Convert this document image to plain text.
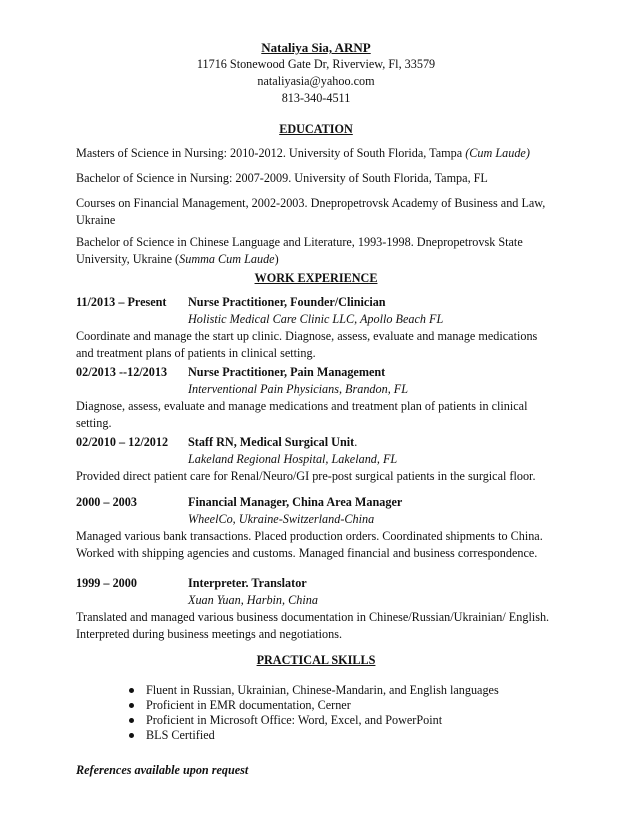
Nataliya Sia, ARNP
11716 Stonewood Gate Dr, Riverview, Fl, 33579
nataliyasia@yahoo.com
813-340-4511
EDUCATION
Masters of Science in Nursing: 2010-2012. University of South Florida, Tampa (Cum Laude)
Bachelor of Science in Nursing: 2007-2009. University of South Florida, Tampa, FL
Courses on Financial Management, 2002-2003. Dnepropetrovsk Academy of Business and Law, Ukraine
Bachelor of Science in Chinese Language and Literature, 1993-1998. Dnepropetrovsk State University, Ukraine (Summa Cum Laude)
WORK EXPERIENCE
11/2013 – Present	Nurse Practitioner, Founder/Clinician
Holistic Medical Care Clinic LLC, Apollo Beach FL
Coordinate and manage the start up clinic. Diagnose, assess, evaluate and manage medications and treatment plans of patients in clinical setting.
02/2013 --12/2013	Nurse Practitioner, Pain Management
Interventional Pain Physicians, Brandon, FL
Diagnose, assess, evaluate and manage medications and treatment plan of patients in clinical setting.
02/2010 – 12/2012	Staff RN, Medical Surgical Unit.
Lakeland Regional Hospital, Lakeland, FL
Provided direct patient care for Renal/Neuro/GI pre-post surgical patients in the surgical floor.
2000 – 2003	Financial Manager, China Area Manager
WheelCo, Ukraine-Switzerland-China
Managed various bank transactions. Placed production orders. Coordinated shipments to China. Worked with shipping agencies and customs. Managed financial and business correspondence.
1999 – 2000	Interpreter. Translator
Xuan Yuan, Harbin, China
Translated and managed various business documentation in Chinese/Russian/Ukrainian/ English. Interpreted during business meetings and negotiations.
PRACTICAL SKILLS
Fluent in Russian, Ukrainian, Chinese-Mandarin, and English languages
Proficient in EMR documentation, Cerner
Proficient in Microsoft Office: Word, Excel, and PowerPoint
BLS Certified
References available upon request
